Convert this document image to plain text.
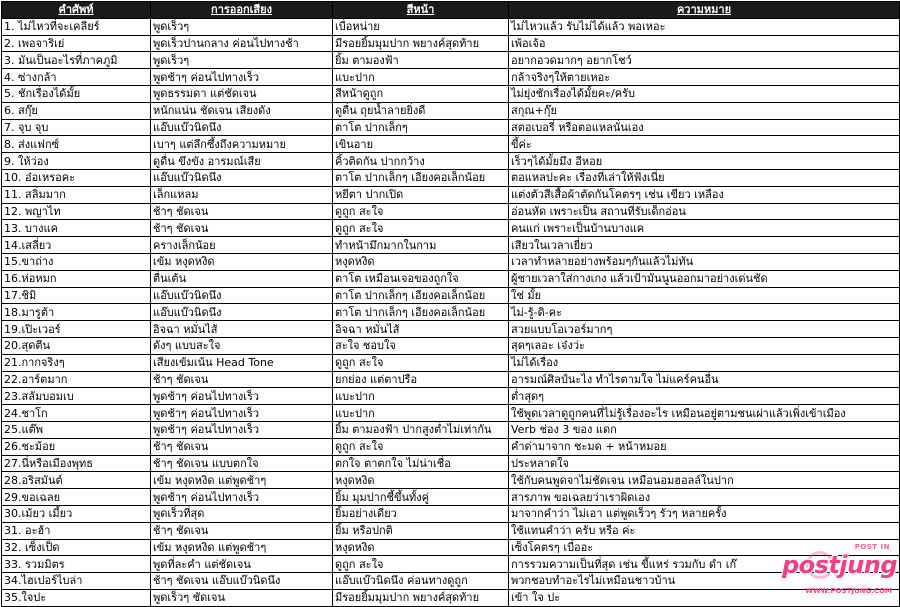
คำศัพท์	การออกเสียง	สีหน้า	ความหมาย
1. ไม่ไหวที่จะเคลียร์	พูดเร็วๆ	เบื่อหน่าย	ไม่ไหวแล้ว รับไม่ได้แล้ว พอเหอะ
2. เพอจาริเย่	พูดเร็วปานกลาง ค่อนไปทางช้า	มีรอยยิ้มมุมปาก พยางค์สุดท้าย	เพ้อเจ้อ
3. มันเป็นอะไรที่ภาคภูมิ	พูดเร็วๆ	ยิ้ม ตามองฟ้า	อยากอวดมากๆ อยากโชว์
4. ซ่างกล้า	พูดช้าๆ ค่อนไปทางเร็ว	แบะปาก	กล้าจริงๆให้ตายเหอะ
5. ชักเรื่องได้มั้ย	พูดธรรมดา แต่ชัดเจน	สีหน้าดูถูก	ไม่ยุ่งชักเรื่องได้มั้ยคะ/ครับ
6. สกุ๊ย	หนักแน่น ชัดเจน เสียงดัง	ดูดื่น ถุยน้ำลายยิ่งดี	สกุณ+กุ๊ย
7. จุบ จุบ	แอ๊บแบ๊วนิดนึง	ตาโต ปากเล็กๆ	สตอเบอรี่ หรือตอแหลนั่นเอง
8. ส่งแฟกซ์	เบาๆ แต่ลึกซึ้งถึงความหมาย	เขินอาย	ขี้ค่ะ
9. ให้ว่อง	ดูดื่น ขึงขัง อารมณ์เสีย	คิ้วติดกัน ปากกว้าง	เร็วๆได้มั้ยมึง อีหอย
10. อ๋อเหรอคะ	แอ๊บแบ๊วนิดนึง	ตาโต ปากเล็กๆ เอียงคอเล็กน้อย	ตอแหลปะคะ เรื่องที่เล่าให้ฟังเนี่ย
11. สลิ่มมาก	เล็กแหลม	หยีตา ปากเปิด	แต่งตัวสีเสื้อผ้าตัดกันโคตรๆ เช่น เขียว เหลือง
12. พญาไท	ช้าๆ ชัดเจน	ดูถูก สะใจ	อ่อนหัด เพราะเป็น สถานที่รับเด็กอ่อน
13. บางแค	ช้าๆ ชัดเจน	ดูถูก สะใจ	คนแก่ เพราะเป็นบ้านบางแค
14.เสลี่ยว	ครางเล็กน้อย	ทำหน้ามึกมากในกาม	เสียวในเวลาเยี่ยว
15.ขาถ่าง	เข้ม หงุดหงิด	หงุดหงิด	เวลาทำหลายอย่างพร้อมๆกันแล้วไม่ทัน
16.ห่อหมก	ตื่นเต้น	ตาโต เหมือนเจอของถูกใจ	ผู้ชายเวลาใส่กางเกง แล้วเป้ามันนูนออกมาอย่างเด่นชัด
17.ชิมิ	แอ๊บแบ๊วนิดนึง	ตาโต ปากเล็กๆ เอียงคอเล็กน้อย	ใช่ มั้ย
18.มารูต้า	แอ๊บแบ๊วนิดนึง	ตาโต ปากเล็กๆ เอียงคอเล็กน้อย	ไม่-รู้-ดิ-คะ
19.เปิะเวอร์	อิจฉา หมั่นไส้	อิจฉา หมั่นไส้	สวยแบบโอเวอร์มากๆ
20.สุดตีน	ดังๆ แบบสะใจ	สะใจ ชอบใจ	สุดๆเลอะ เจ๋งว่ะ
21.กากจริงๆ	เสียงเข้มเน้น Head Tone	ดูถูก สะใจ	ไม่ได้เรื่อง
22.อาร์ตมาก	ช้าๆ ชัดเจน	ยกย่อง แต่ตาปรือ	อารมณ์ศิลป์นะไง ทำไรตามใจ ไม่แคร์คนอื่น
23.สลัมบอมเบ	พูดช้าๆ ค่อนไปทางเร็ว	แบะปาก	ต่ำสุดๆ
24.ชาโก	พูดช้าๆ ค่อนไปทางเร็ว	แบะปาก	ใช้พูดเวลาดูถูกคนที่ไม่รู้เรื่องอะไร เหมือนอยู่ตามชนเผ่าแล้วเพิ่งเข้าเมือง
25.แต๊พ	พูดช้าๆ ค่อนไปทางเร็ว	ยิ้ม ตามองฟ้า ปากสูงต่ำไม่เท่ากัน	Verb ช่อง 3 ของ แดก
26.ชะม้อย	ช้าๆ ชัดเจน	ดูถูก สะใจ	คำด่ามาจาก ชะมด + หน้าหมอย
27.นี่หรือเมืองพุทธ	ช้าๆ ชัดเจน แบบตกใจ	ตกใจ ตาตกใจ ไม่น่าเชื่อ	ประหลาดใจ
28.อริสมันต์	เข้ม หงุดหงิด แต่พูดช้าๆ	หงุดหงิด	ใช้กับคนพูดจาไม่ชัดเจน เหมือนอมฮอลล์ในปาก
29.ขอเฉลย	พูดช้าๆ ค่อนไปทางเร็ว	ยิ้ม มุมปากชี้ขึ้นทั้งคู่	สารภาพ ขอเฉลยว่าเราผิดเอง
30.เม้ยว เมี้ยว	พูดเร็วที่สุด	ยิ้มอย่างเดียว	มาจากคำว่า ไม่เอา แต่พูดเร็วๆ รัวๆ หลายครั้ง
31. อะฮ้า	ช้าๆ ชัดเจน	ยิ้ม หรือปกติ	ใช้แทนคำว่า ครับ หรือ ค่ะ
32. เซ็งเป็ด	เข้ม หงุดหงิด แต่พูดช้าๆ	หงุดหงิด	เซ็งโคตรๆ เบื่ออะ
33. รวมมิตร	พูดที่ละคำ แต่ชัดเจน	ดูถูก สะใจ	การรวมความเป็นที่สุด เช่น ขี้แหร่ รวมกับ ดำ เก๊
34.ไฮเปอร์ไบล่า	ช้าๆ ชัดเจน แอ๊บแบ๊วนิดนึง	แอ๊บแบ๊วนิดนึง ค่อนทางดูถูก	พวกชอบทำอะไรไม่เหมือนชาวบ้าน
35.ใจปะ	พูดเร็วๆ ชัดเจน	มีรอยยิ้มมุมปาก พยางค์สุดท้าย	เข้า ใจ ปะ
POST IN
postjung
WWW.POSTJUNG.COM
